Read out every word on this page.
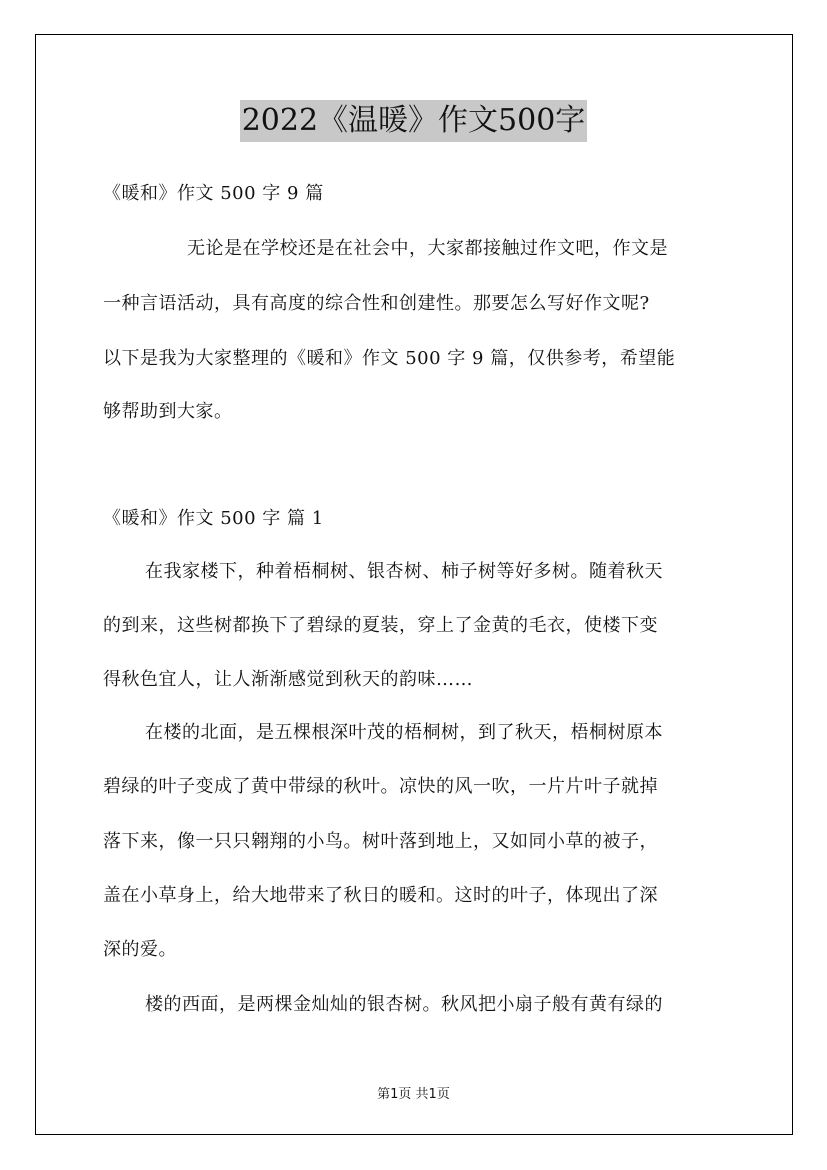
2022《温暖》作文500字
《暖和》作文 500 字 9 篇
无论是在学校还是在社会中，大家都接触过作文吧，作文是
一种言语活动，具有高度的综合性和创建性。那要怎么写好作文呢?
以下是我为大家整理的《暖和》作文 500 字 9 篇，仅供参考，希望能
够帮助到大家。
《暖和》作文 500 字 篇 1
在我家楼下，种着梧桐树、银杏树、柿子树等好多树。随着秋天
的到来，这些树都换下了碧绿的夏装，穿上了金黄的毛衣，使楼下变
得秋色宜人，让人渐渐感觉到秋天的韵味……
在楼的北面，是五棵根深叶茂的梧桐树，到了秋天，梧桐树原本
碧绿的叶子变成了黄中带绿的秋叶。凉快的风一吹，一片片叶子就掉
落下来，像一只只翱翔的小鸟。树叶落到地上，又如同小草的被子，
盖在小草身上，给大地带来了秋日的暖和。这时的叶子，体现出了深
深的爱。
楼的西面，是两棵金灿灿的银杏树。秋风把小扇子般有黄有绿的
第1页 共1页
